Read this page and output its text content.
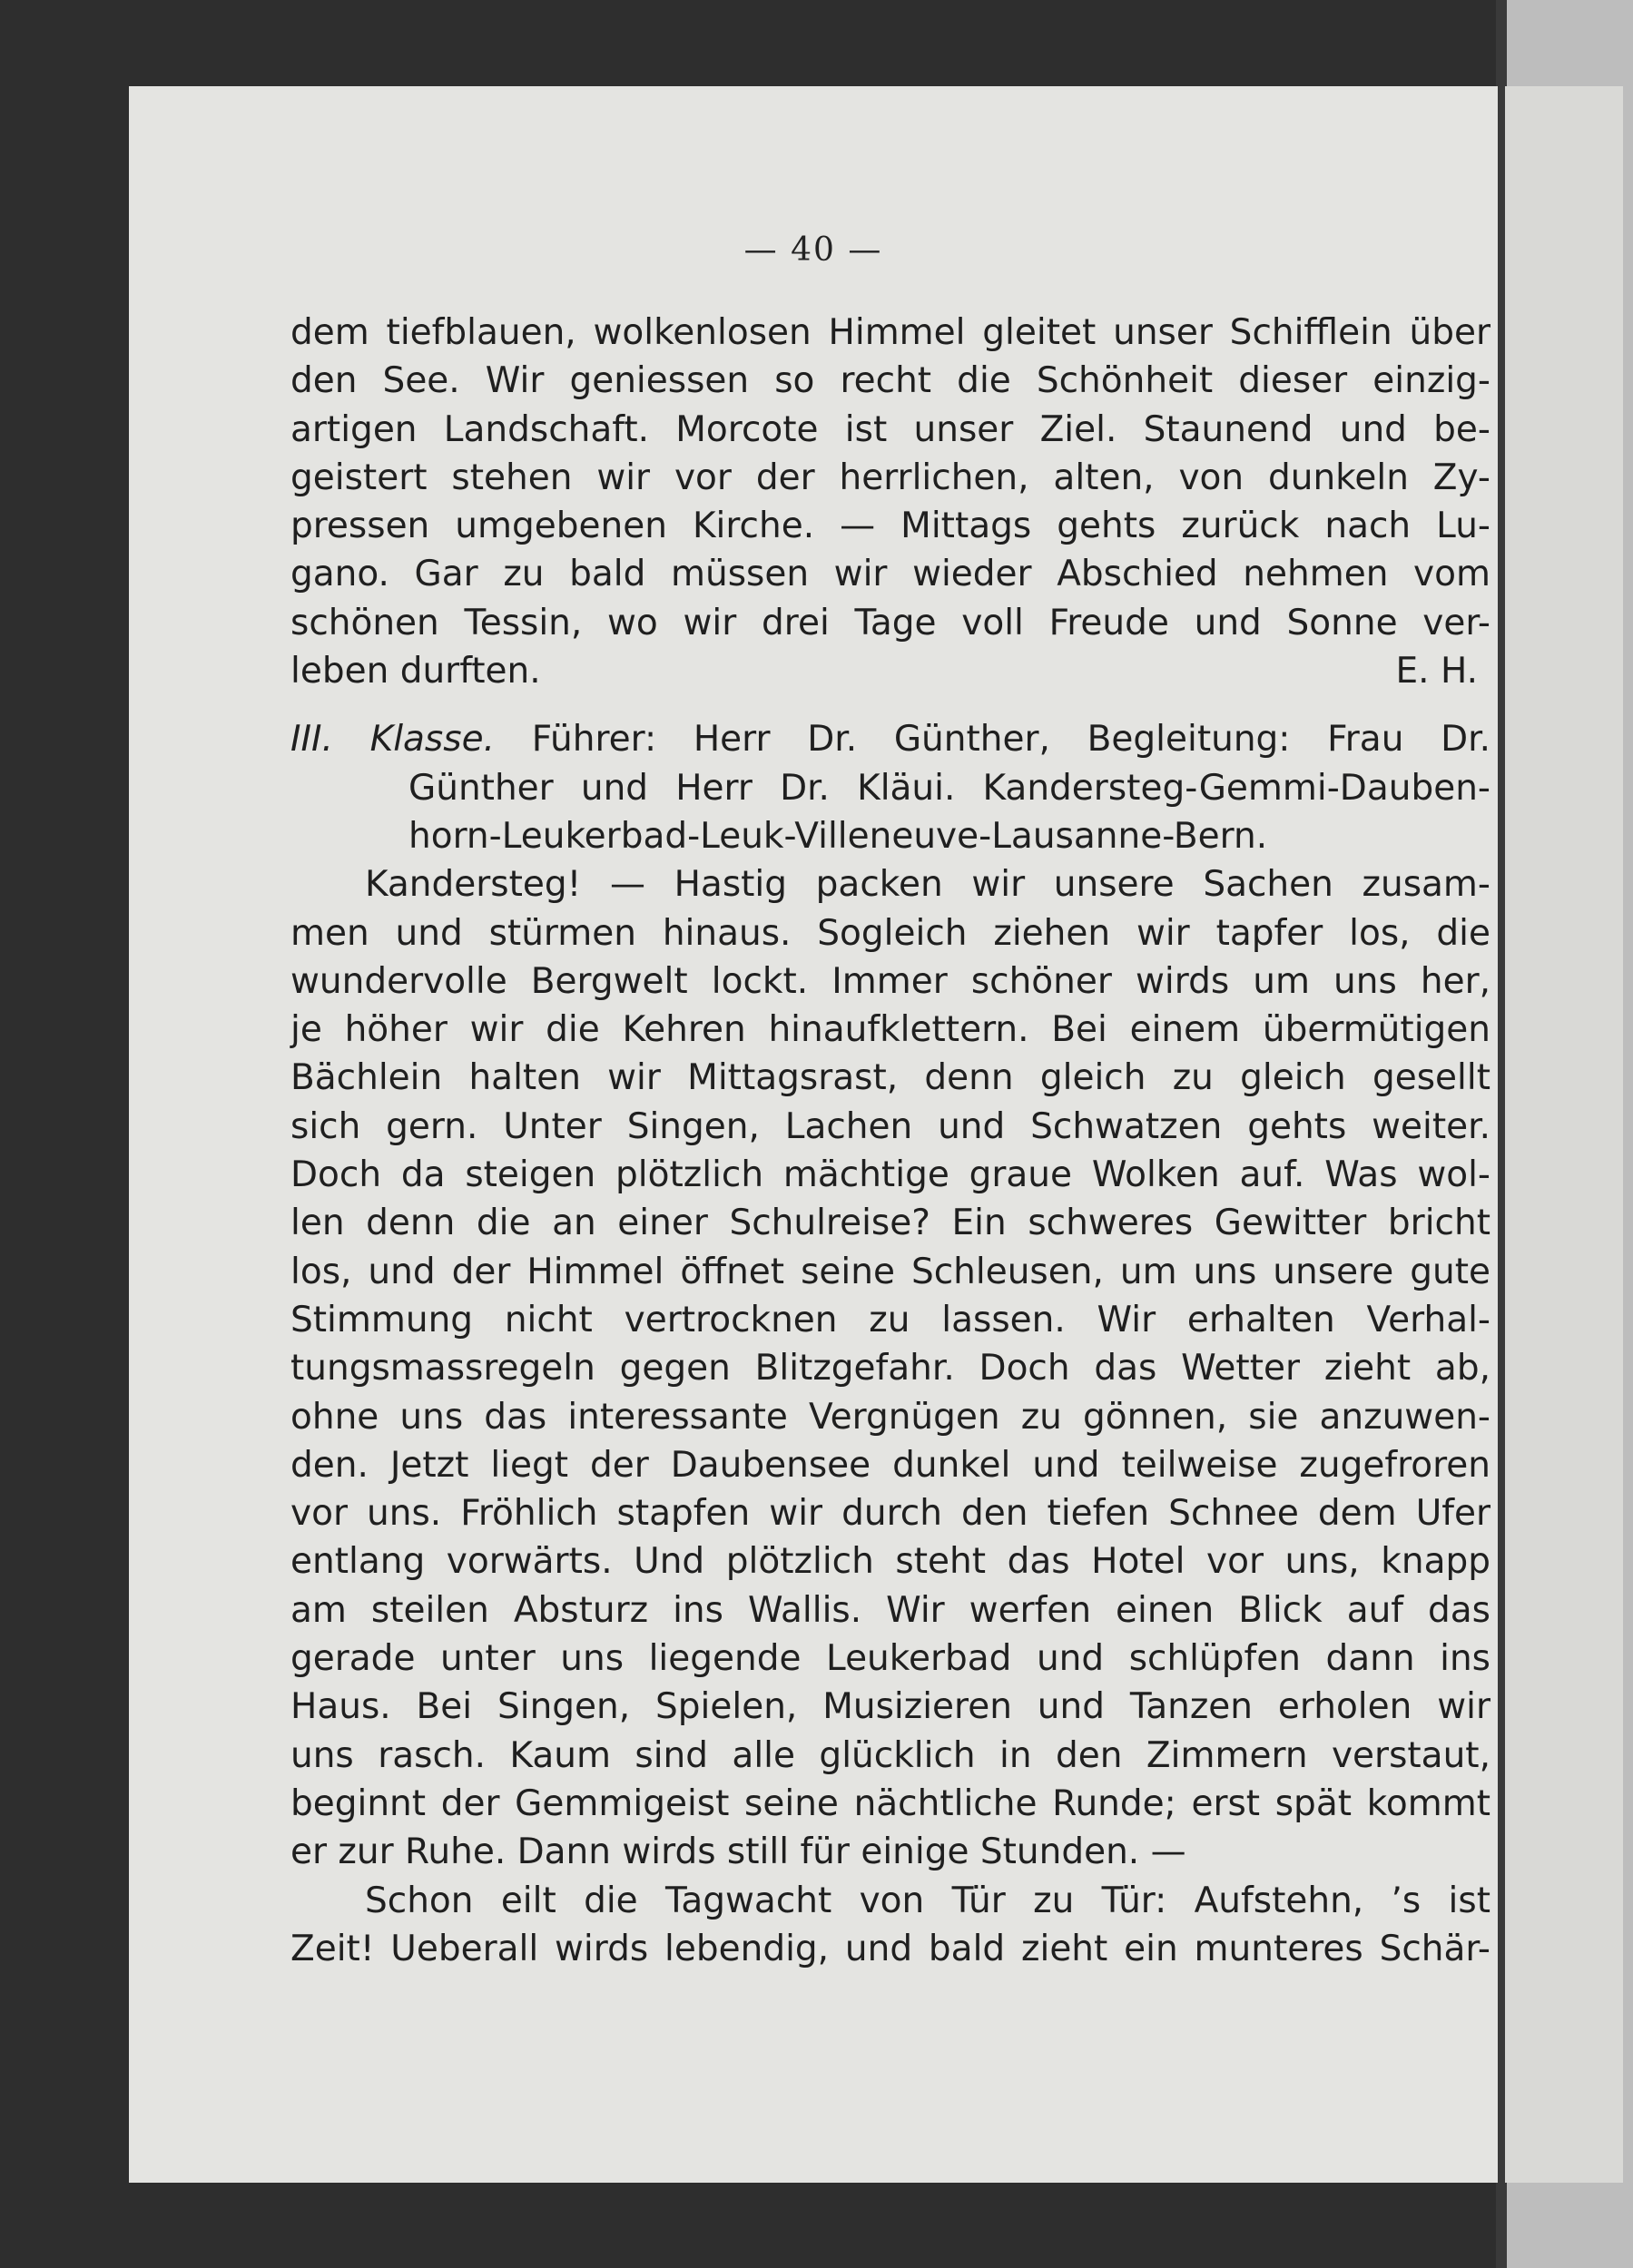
— 40 —
dem tiefblauen, wolkenlosen Himmel gleitet unser Schifflein über
den See. Wir geniessen so recht die Schönheit dieser einzig-
artigen Landschaft. Morcote ist unser Ziel. Staunend und be-
geistert stehen wir vor der herrlichen, alten, von dunkeln Zy-
pressen umgebenen Kirche. — Mittags gehts zurück nach Lu-
gano. Gar zu bald müssen wir wieder Abschied nehmen vom
schönen Tessin, wo wir drei Tage voll Freude und Sonne ver-
leben durften.	E. H.
III. Klasse. Führer: Herr Dr. Günther, Begleitung: Frau Dr.
Günther und Herr Dr. Kläui. Kandersteg-Gemmi-Dauben-
horn-Leukerbad-Leuk-Villeneuve-Lausanne-Bern.
Kandersteg! — Hastig packen wir unsere Sachen zusam-
men und stürmen hinaus. Sogleich ziehen wir tapfer los, die
wundervolle Bergwelt lockt. Immer schöner wirds um uns her,
je höher wir die Kehren hinaufklettern. Bei einem übermütigen
Bächlein halten wir Mittagsrast, denn gleich zu gleich gesellt
sich gern. Unter Singen, Lachen und Schwatzen gehts weiter.
Doch da steigen plötzlich mächtige graue Wolken auf. Was wol-
len denn die an einer Schulreise? Ein schweres Gewitter bricht
los, und der Himmel öffnet seine Schleusen, um uns unsere gute
Stimmung nicht vertrocknen zu lassen. Wir erhalten Verhal-
tungsmassregeln gegen Blitzgefahr. Doch das Wetter zieht ab,
ohne uns das interessante Vergnügen zu gönnen, sie anzuwen-
den. Jetzt liegt der Daubensee dunkel und teilweise zugefroren
vor uns. Fröhlich stapfen wir durch den tiefen Schnee dem Ufer
entlang vorwärts. Und plötzlich steht das Hotel vor uns, knapp
am steilen Absturz ins Wallis. Wir werfen einen Blick auf das
gerade unter uns liegende Leukerbad und schlüpfen dann ins
Haus. Bei Singen, Spielen, Musizieren und Tanzen erholen wir
uns rasch. Kaum sind alle glücklich in den Zimmern verstaut,
beginnt der Gemmigeist seine nächtliche Runde; erst spät kommt
er zur Ruhe. Dann wirds still für einige Stunden. —
Schon eilt die Tagwacht von Tür zu Tür: Aufstehn, ’s ist
Zeit! Ueberall wirds lebendig, und bald zieht ein munteres Schär-
